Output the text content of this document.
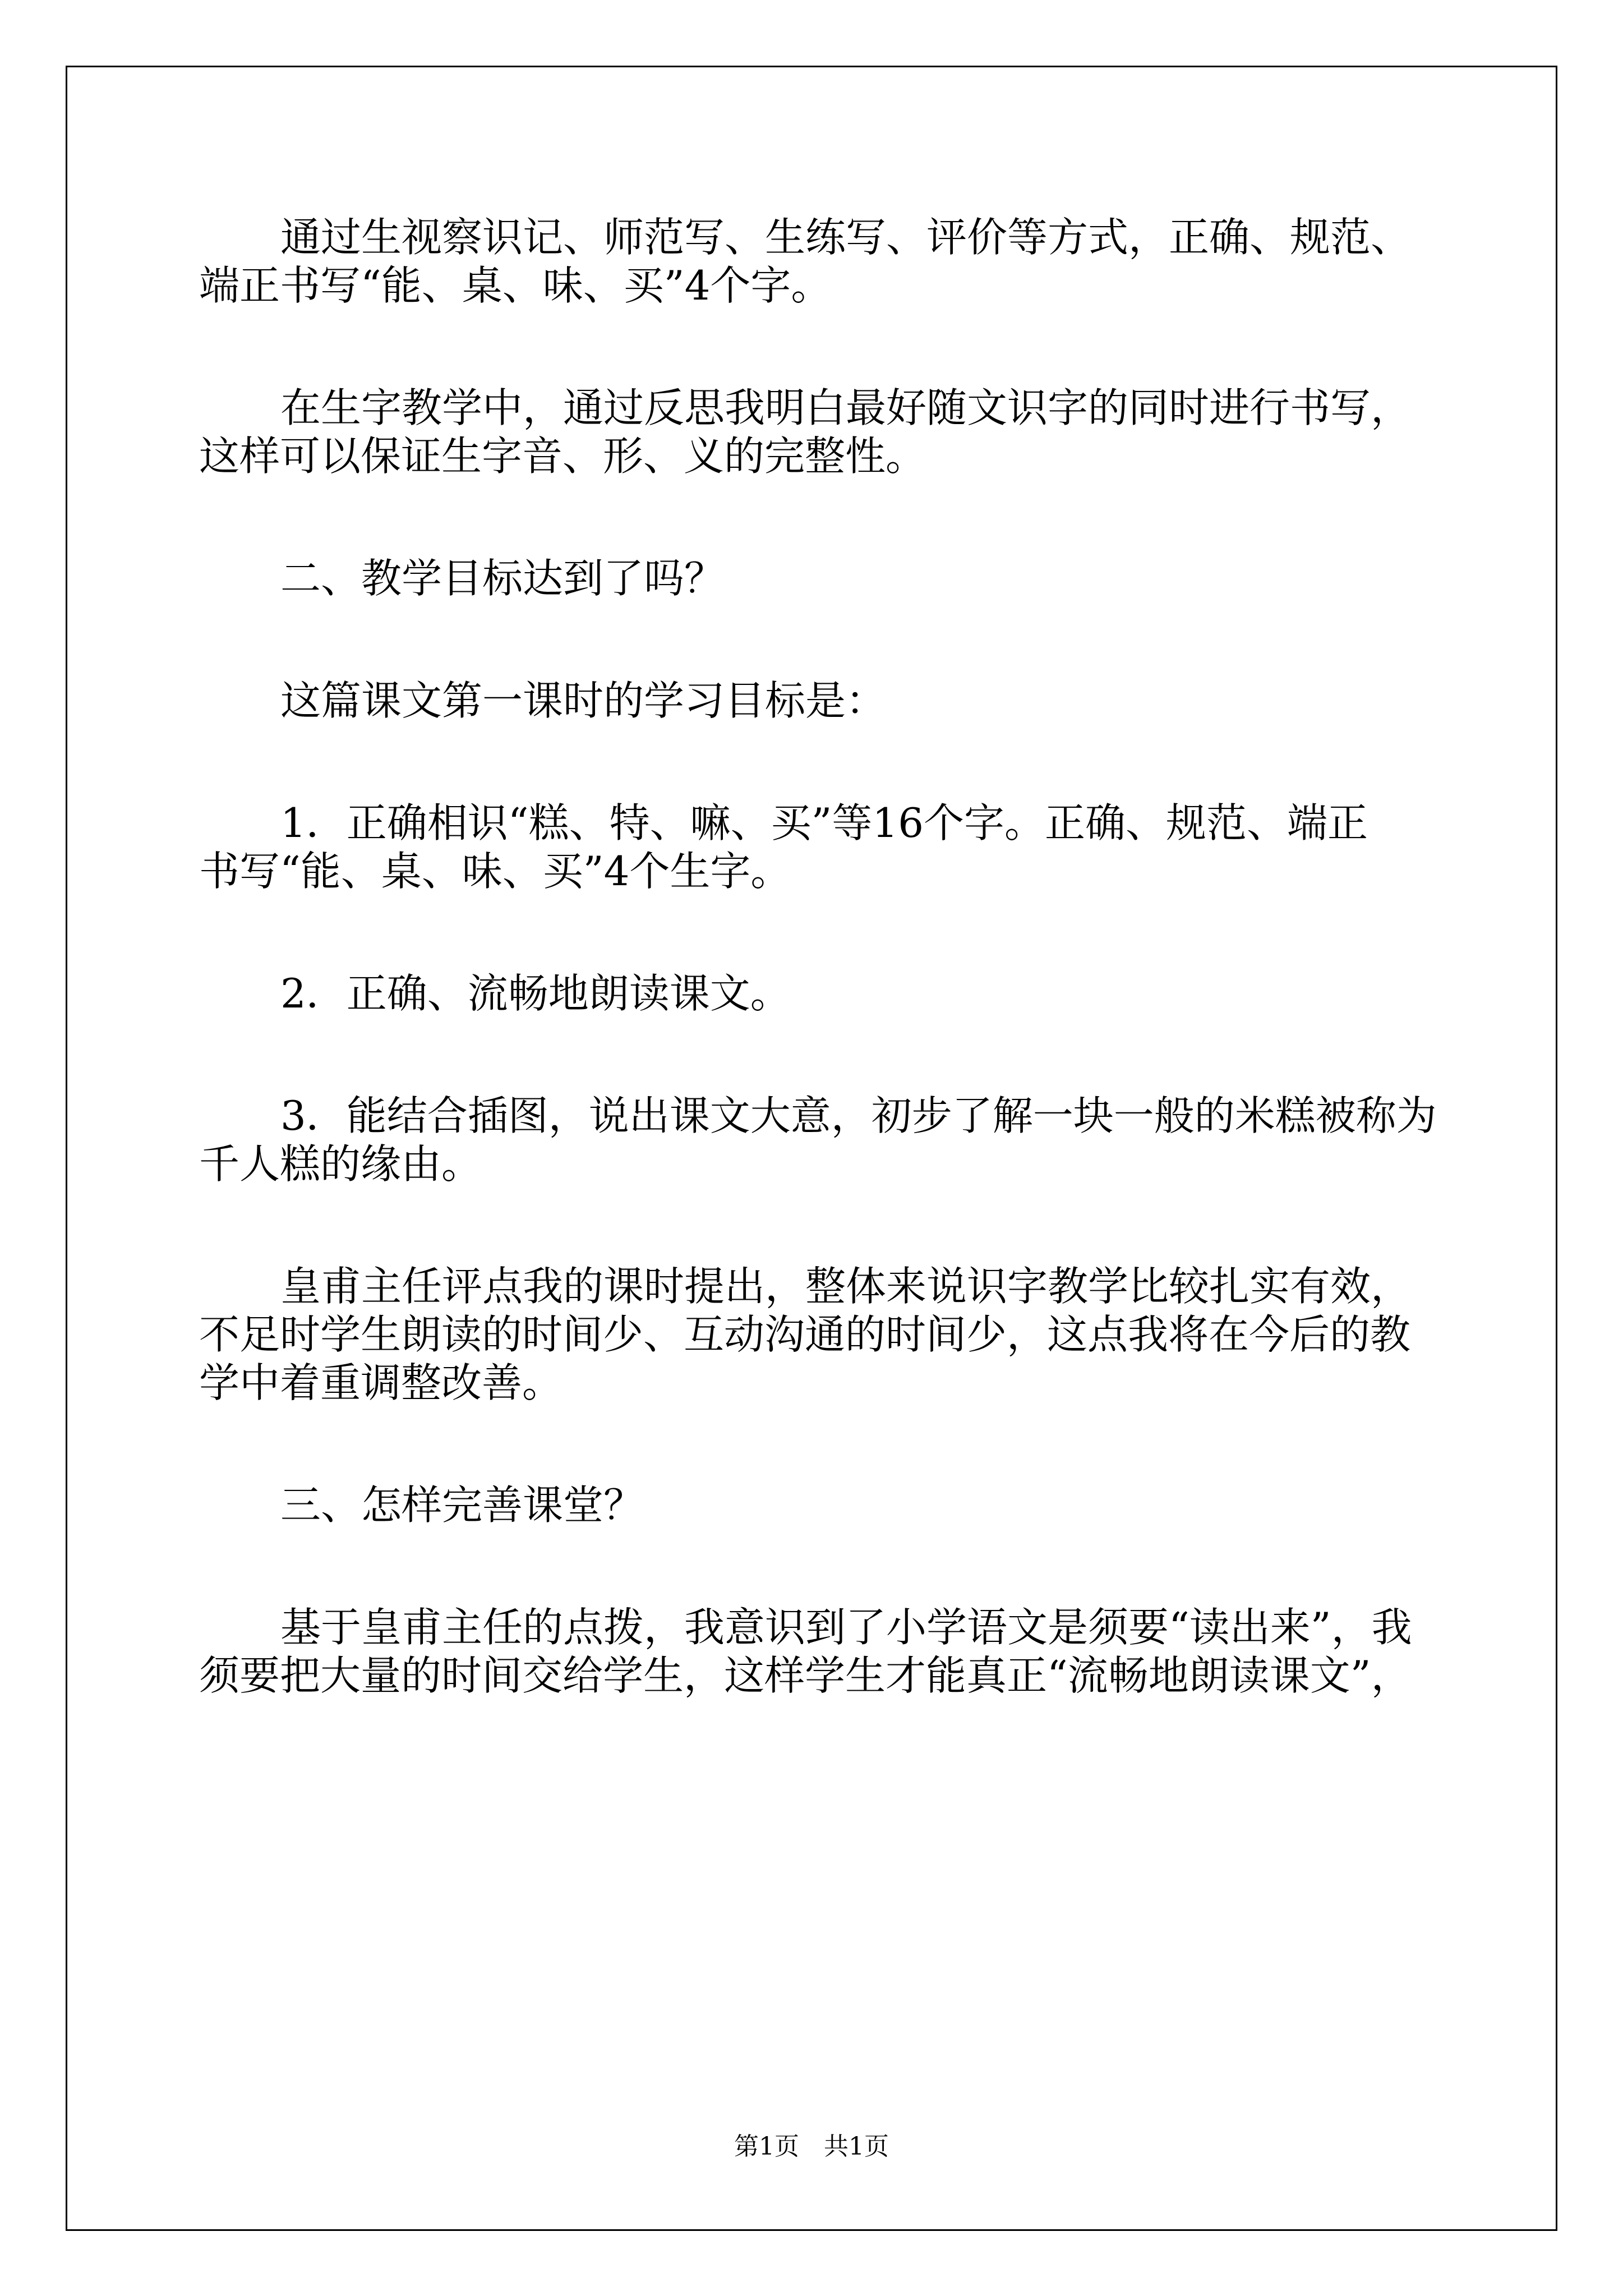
通过生视察识记、师范写、生练写、评价等方式，正确、规范、
端正书写“能、桌、味、买”4个字。
在生字教学中，通过反思我明白最好随文识字的同时进行书写，
这样可以保证生字音、形、义的完整性。
二、教学目标达到了吗？
这篇课文第一课时的学习目标是：
1．正确相识“糕、特、嘛、买”等16个字。正确、规范、端正
书写“能、桌、味、买”4个生字。
2．正确、流畅地朗读课文。
3．能结合插图，说出课文大意，初步了解一块一般的米糕被称为
千人糕的缘由。
皇甫主任评点我的课时提出，整体来说识字教学比较扎实有效，
不足时学生朗读的时间少、互动沟通的时间少，这点我将在今后的教
学中着重调整改善。
三、怎样完善课堂？
基于皇甫主任的点拨，我意识到了小学语文是须要“读出来”，我
须要把大量的时间交给学生，这样学生才能真正“流畅地朗读课文”，
第1页　共1页
